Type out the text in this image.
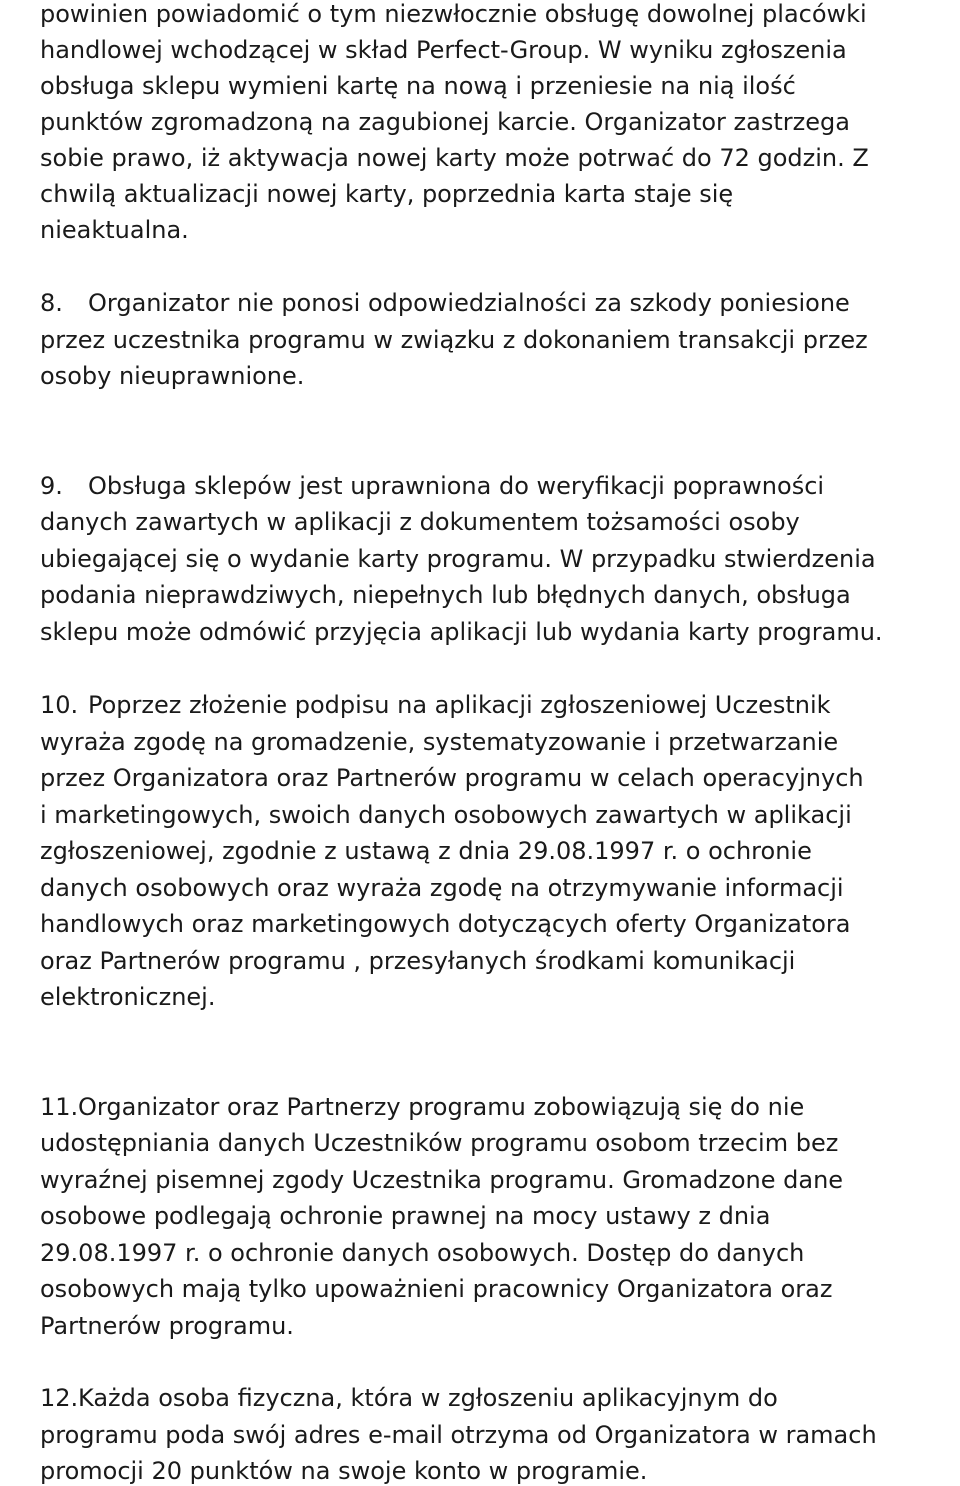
powinien powiadomić o tym niezwłocznie obsługę dowolnej placówki
handlowej wchodzącej w skład Perfect-Group. W wyniku zgłoszenia
obsługa sklepu wymieni kartę na nową i przeniesie na nią ilość
punktów zgromadzoną na zagubionej karcie. Organizator zastrzega
sobie prawo, iż aktywacja nowej karty może potrwać do 72 godzin. Z
chwilą aktualizacji nowej karty, poprzednia karta staje się
nieaktualna.
8. Organizator nie ponosi odpowiedzialności za szkody poniesione
przez uczestnika programu w związku z dokonaniem transakcji przez
osoby nieuprawnione.
9. Obsługa sklepów jest uprawniona do weryfikacji poprawności
danych zawartych w aplikacji z dokumentem tożsamości osoby
ubiegającej się o wydanie karty programu. W przypadku stwierdzenia
podania nieprawdziwych, niepełnych lub błędnych danych, obsługa
sklepu może odmówić przyjęcia aplikacji lub wydania karty programu.
10. Poprzez złożenie podpisu na aplikacji zgłoszeniowej Uczestnik
wyraża zgodę na gromadzenie, systematyzowanie i przetwarzanie
przez Organizatora oraz Partnerów programu w celach operacyjnych
i marketingowych, swoich danych osobowych zawartych w aplikacji
zgłoszeniowej, zgodnie z ustawą z dnia 29.08.1997 r. o ochronie
danych osobowych oraz wyraża zgodę na otrzymywanie informacji
handlowych oraz marketingowych dotyczących oferty Organizatora
oraz Partnerów programu , przesyłanych środkami komunikacji
elektronicznej.
11. Organizator oraz Partnerzy programu zobowiązują się do nie
udostępniania danych Uczestników programu osobom trzecim bez
wyraźnej pisemnej zgody Uczestnika programu. Gromadzone dane
osobowe podlegają ochronie prawnej na mocy ustawy z dnia
29.08.1997 r. o ochronie danych osobowych. Dostęp do danych
osobowych mają tylko upoważnieni pracownicy Organizatora oraz
Partnerów programu.
12. Każda osoba fizyczna, która w zgłoszeniu aplikacyjnym do
programu poda swój adres e-mail otrzyma od Organizatora w ramach
promocji 20 punktów na swoje konto w programie.
